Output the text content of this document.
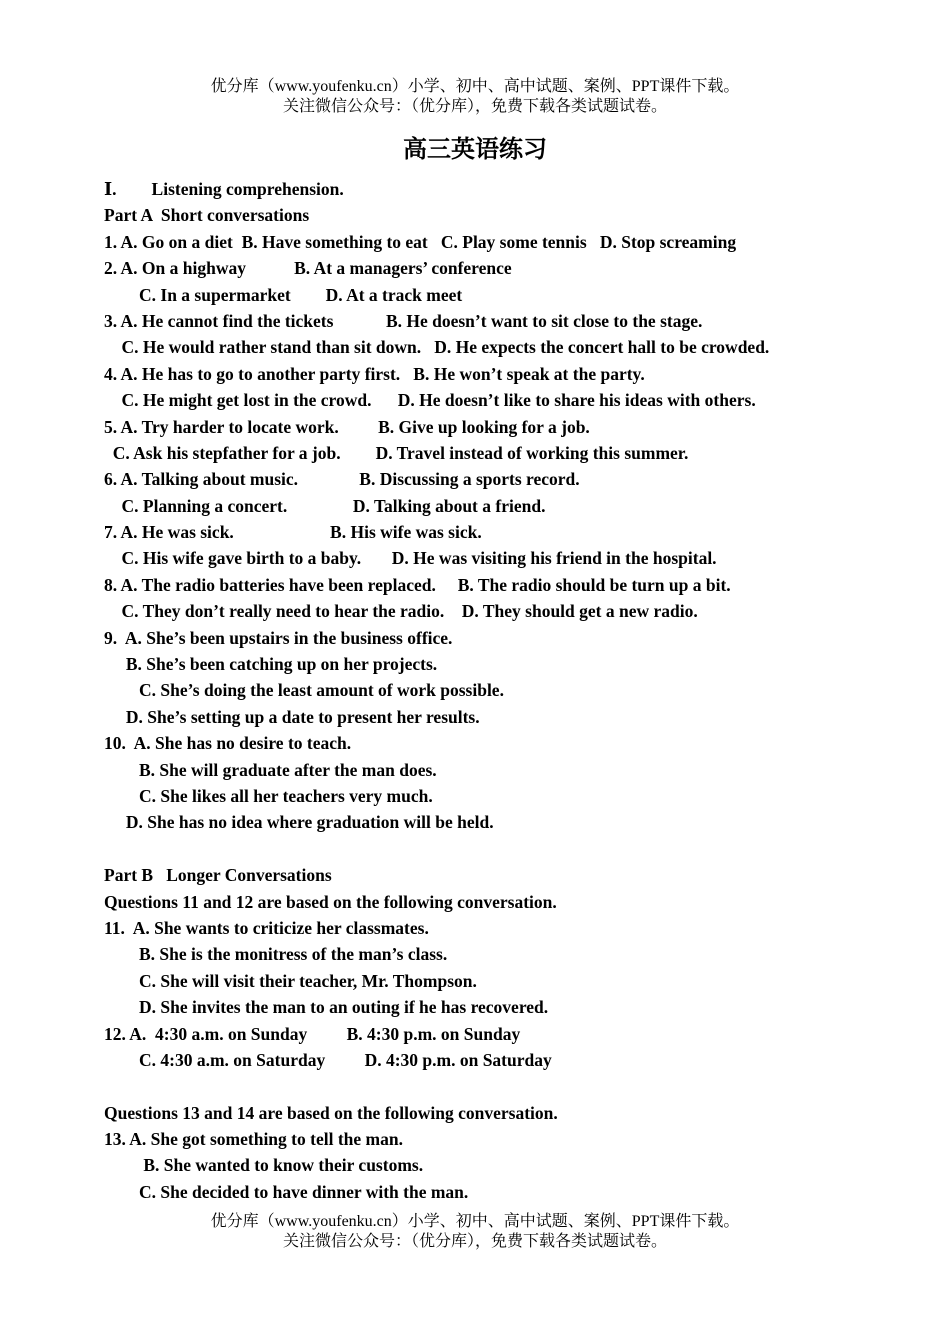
优分库（www.youfenku.cn）小学、初中、高中试题、案例、PPT课件下载。
关注微信公众号：（优分库），免费下载各类试题试卷。
高三英语练习
Ⅰ.        Listening comprehension.
Part A  Short conversations
1. A. Go on a diet  B. Have something to eat   C. Play some tennis   D. Stop screaming
2. A. On a highway           B. At a managers’ conference
C. In a supermarket        D. At a track meet
3. A. He cannot find the tickets            B. He doesn’t want to sit close to the stage.
C. He would rather stand than sit down.   D. He expects the concert hall to be crowded.
4. A. He has to go to another party first.   B. He won’t speak at the party.
C. He might get lost in the crowd.      D. He doesn’t like to share his ideas with others.
5. A. Try harder to locate work.         B. Give up looking for a job.
C. Ask his stepfather for a job.        D. Travel instead of working this summer.
6. A. Talking about music.              B. Discussing a sports record.
C. Planning a concert.               D. Talking about a friend.
7. A. He was sick.                      B. His wife was sick.
C. His wife gave birth to a baby.       D. He was visiting his friend in the hospital.
8. A. The radio batteries have been replaced.     B. The radio should be turn up a bit.
C. They don’t really need to hear the radio.    D. They should get a new radio.
9.  A. She’s been upstairs in the business office.
B. She’s been catching up on her projects.
C. She’s doing the least amount of work possible.
D. She’s setting up a date to present her results.
10.  A. She has no desire to teach.
B. She will graduate after the man does.
C. She likes all her teachers very much.
D. She has no idea where graduation will be held.
Part B   Longer Conversations
Questions 11 and 12 are based on the following conversation.
11.  A. She wants to criticize her classmates.
B. She is the monitress of the man’s class.
C. She will visit their teacher, Mr. Thompson.
D. She invites the man to an outing if he has recovered.
12. A.  4:30 a.m. on Sunday         B. 4:30 p.m. on Sunday
C. 4:30 a.m. on Saturday         D. 4:30 p.m. on Saturday
Questions 13 and 14 are based on the following conversation.
13. A. She got something to tell the man.
B. She wanted to know their customs.
C. She decided to have dinner with the man.
优分库（www.youfenku.cn）小学、初中、高中试题、案例、PPT课件下载。
关注微信公众号：（优分库），免费下载各类试题试卷。
